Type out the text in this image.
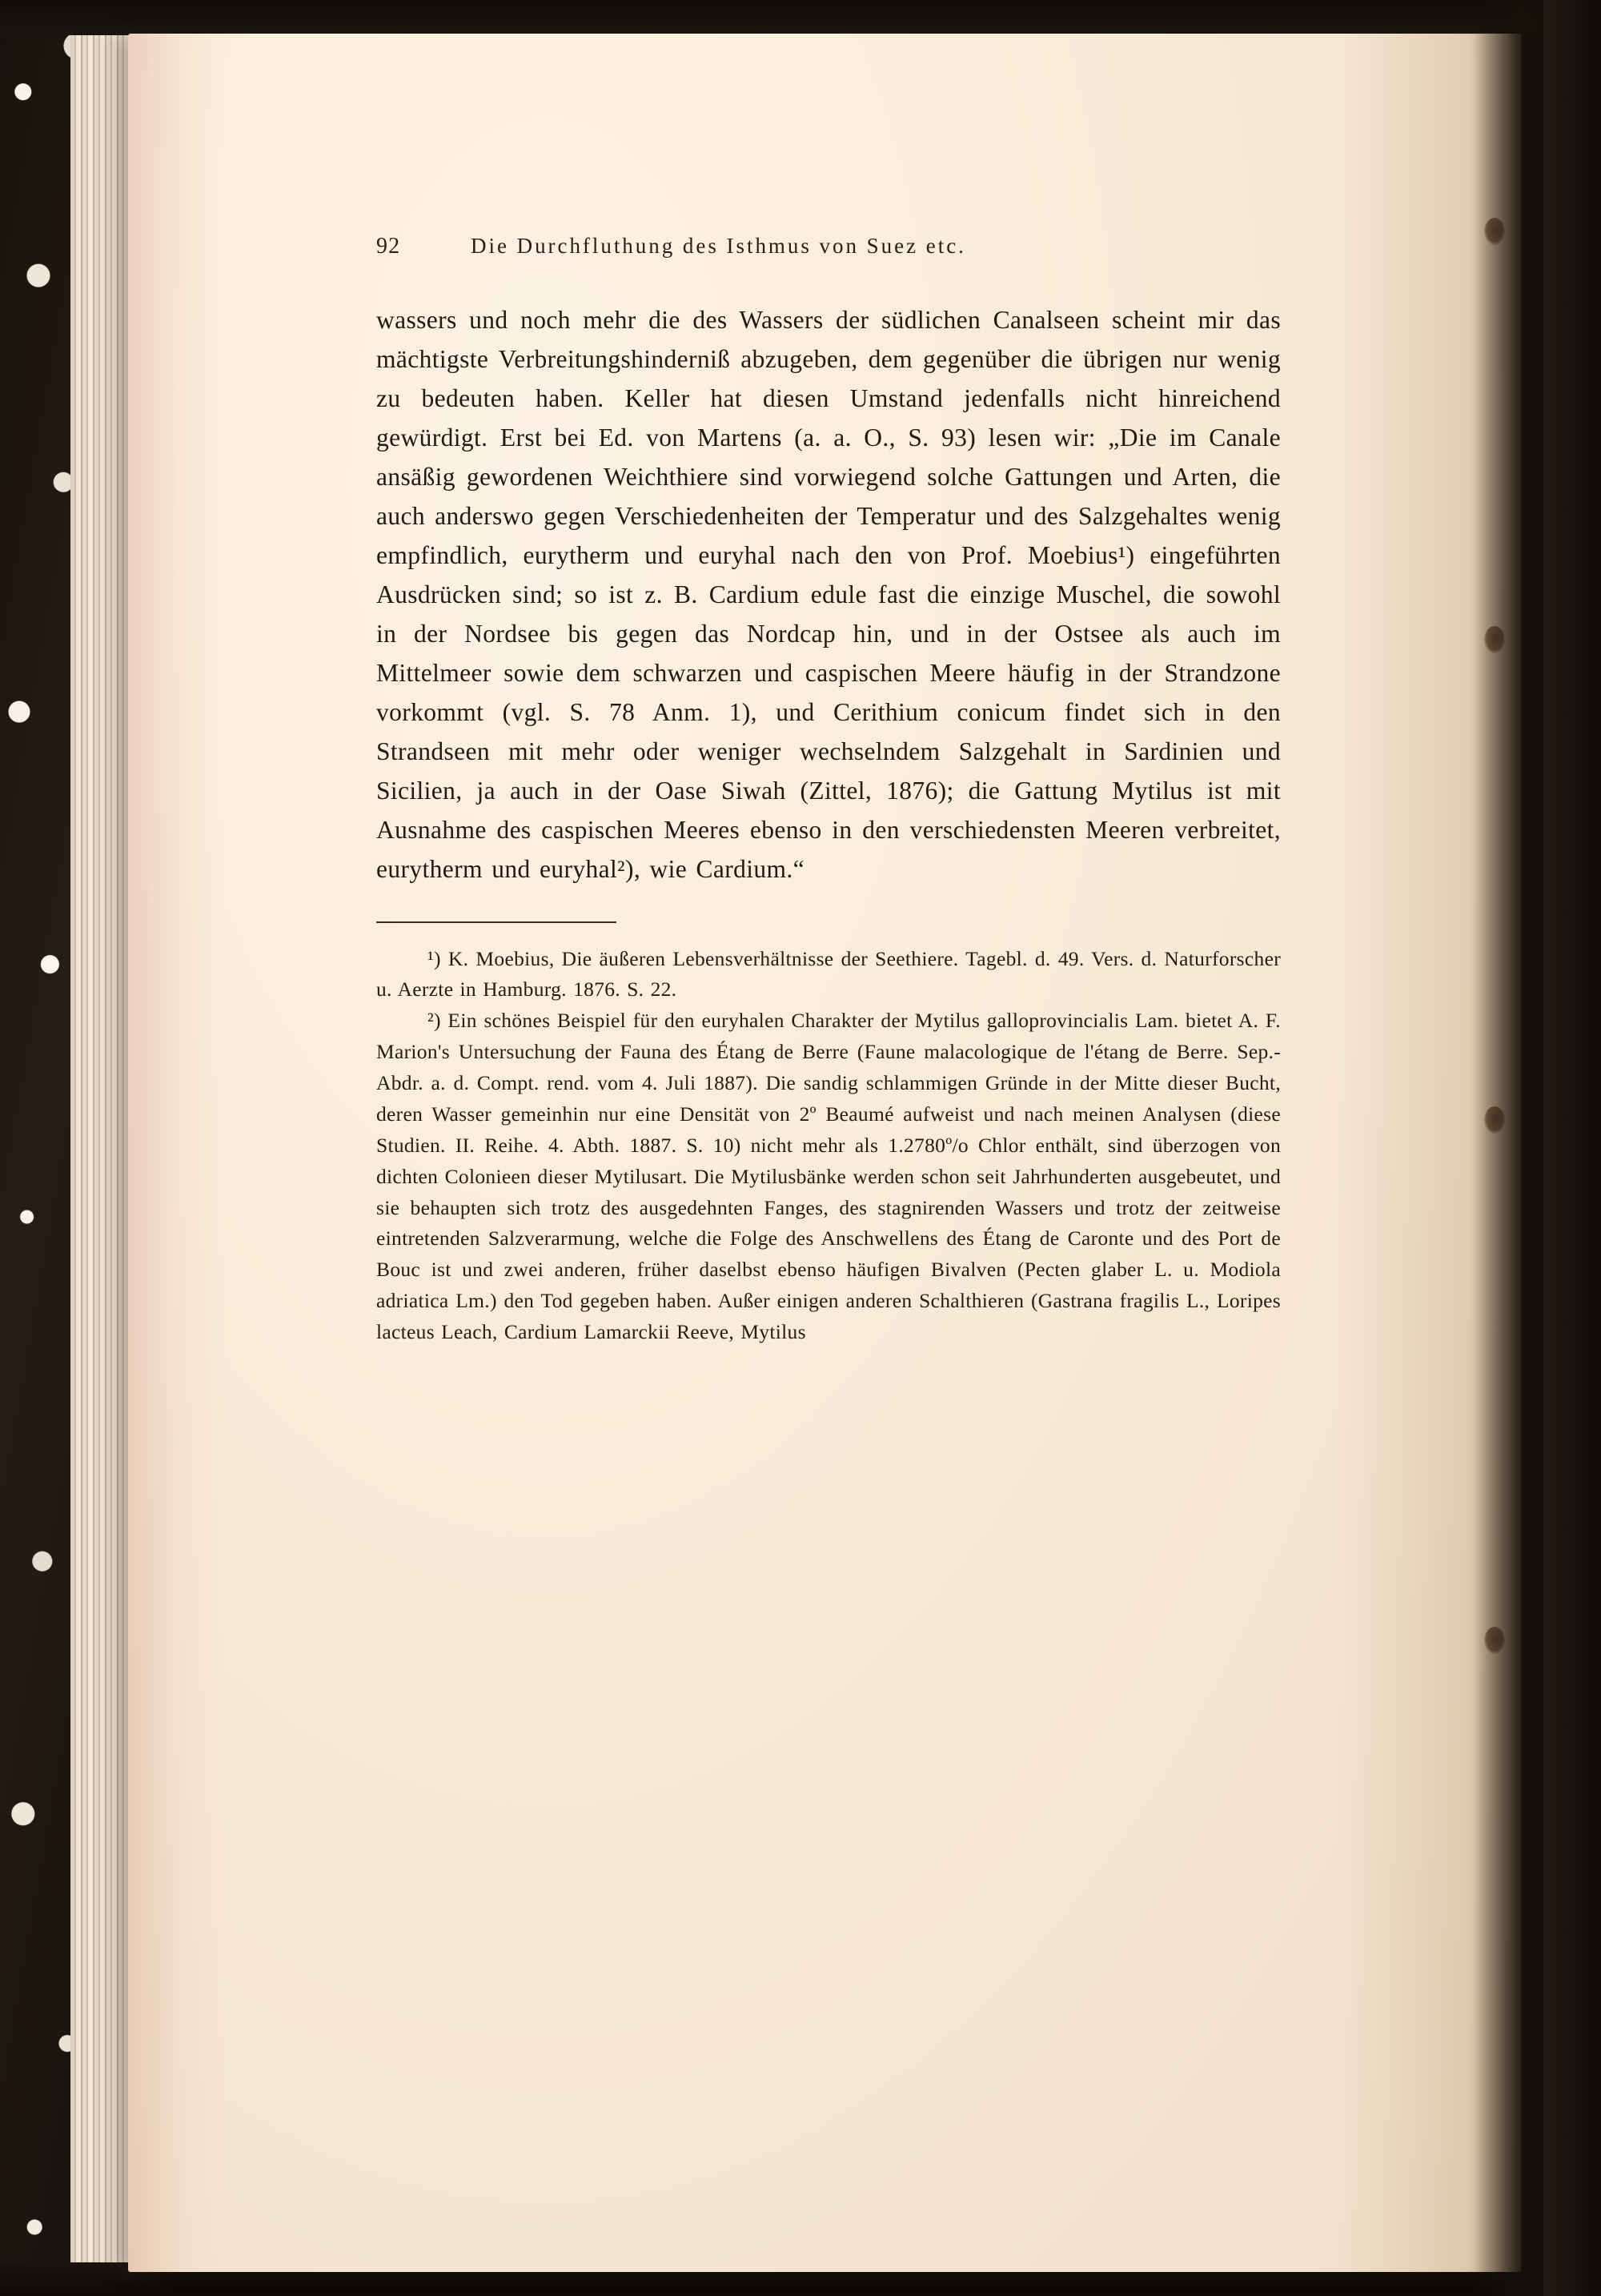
92	Die Durchfluthung des Isthmus von Suez etc.
wassers und noch mehr die des Wassers der südlichen Canalseen scheint mir das mächtigste Verbreitungshinderniß abzugeben, dem gegenüber die übrigen nur wenig zu bedeuten haben. Keller hat diesen Umstand jedenfalls nicht hinreichend gewürdigt. Erst bei Ed. von Martens (a. a. O., S. 93) lesen wir: „Die im Canale ansäßig gewordenen Weichthiere sind vorwiegend solche Gattungen und Arten, die auch anderswo gegen Verschiedenheiten der Temperatur und des Salzgehaltes wenig empfindlich, eurytherm und euryhal nach den von Prof. Moebius¹) eingeführten Ausdrücken sind; so ist z. B. Cardium edule fast die einzige Muschel, die sowohl in der Nordsee bis gegen das Nordcap hin, und in der Ostsee als auch im Mittelmeer sowie dem schwarzen und caspischen Meere häufig in der Strandzone vorkommt (vgl. S. 78 Anm. 1), und Cerithium conicum findet sich in den Strandseen mit mehr oder weniger wechselndem Salzgehalt in Sardinien und Sicilien, ja auch in der Oase Siwah (Zittel, 1876); die Gattung Mytilus ist mit Ausnahme des caspischen Meeres ebenso in den verschiedensten Meeren verbreitet, eurytherm und euryhal²), wie Cardium.“

¹) K. Moebius, Die äußeren Lebensverhältnisse der Seethiere. Tagebl. d. 49. Vers. d. Naturforscher u. Aerzte in Hamburg. 1876. S. 22.

²) Ein schönes Beispiel für den euryhalen Charakter der Mytilus galloprovincialis Lam. bietet A. F. Marion's Untersuchung der Fauna des Étang de Berre (Faune malacologique de l'étang de Berre. Sep.-Abdr. a. d. Compt. rend. vom 4. Juli 1887). Die sandig schlammigen Gründe in der Mitte dieser Bucht, deren Wasser gemeinhin nur eine Densität von 2º Beaumé aufweist und nach meinen Analysen (diese Studien. II. Reihe. 4. Abth. 1887. S. 10) nicht mehr als 1.2780º/o Chlor enthält, sind überzogen von dichten Colonieen dieser Mytilusart. Die Mytilusbänke werden schon seit Jahrhunderten ausgebeutet, und sie behaupten sich trotz des ausgedehnten Fanges, des stagnirenden Wassers und trotz der zeitweise eintretenden Salzverarmung, welche die Folge des Anschwellens des Étang de Caronte und des Port de Bouc ist und zwei anderen, früher daselbst ebenso häufigen Bivalven (Pecten glaber L. u. Modiola adriatica Lm.) den Tod gegeben haben. Außer einigen anderen Schalthieren (Gastrana fragilis L., Loripes lacteus Leach, Cardium Lamarckii Reeve, Mytilus
